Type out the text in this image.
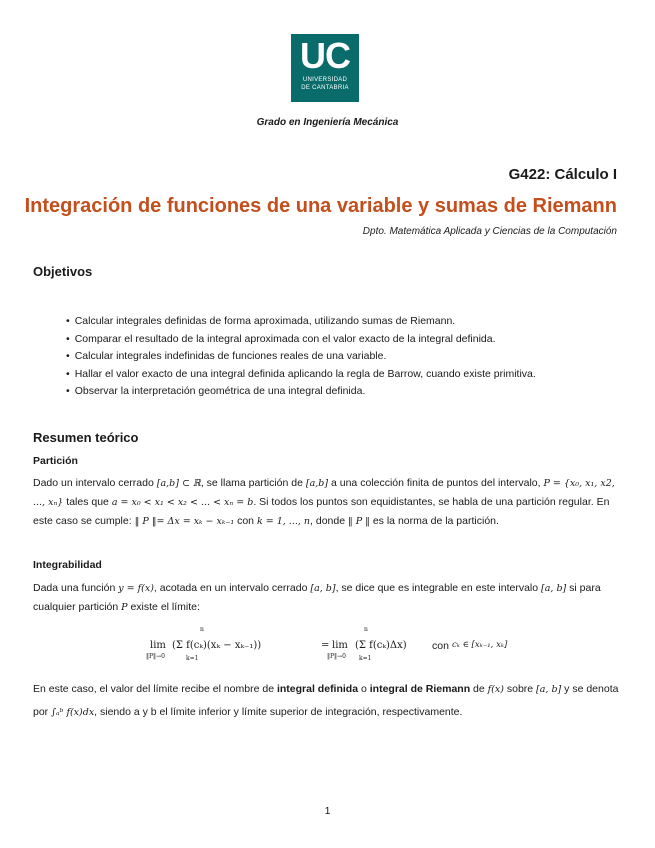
UC
UNIVERSIDAD
DE CANTABRIA
Grado en Ingeniería Mecánica
G422: Cálculo I
Integración de funciones de una variable y sumas de Riemann
Dpto. Matemática Aplicada y Ciencias de la Computación
Objetivos
• Calcular integrales definidas de forma aproximada, utilizando sumas de Riemann.
• Comparar el resultado de la integral aproximada con el valor exacto de la integral definida.
• Calcular integrales indefinidas de funciones reales de una variable.
• Hallar el valor exacto de una integral definida aplicando la regla de Barrow, cuando existe primitiva.
• Observar la interpretación geométrica de una integral definida.
Resumen teórico
Partición

Dado un intervalo cerrado [a,b] ⊂ ℝ, se llama partición de [a,b] a una colección finita de puntos del intervalo, P = {x₀, x₁, x2, ..., xₙ} tales que a = x₀ < x₁ < x₂ < ... < xₙ = b. Si todos los puntos son equidistantes, se habla de una partición regular. En este caso se cumple: ‖ P ‖= Δx = xₖ − xₖ₋₁ con k = 1, ..., n, donde ‖ P ‖ es la norma de la partición.

Integrabilidad

Dada una función y = f(x), acotada en un intervalo cerrado [a, b], se dice que es integrable en este intervalo [a, b] si para cualquier partición P existe el límite:

lim
‖P‖→0
n
(Σ f(cₖ)(xₖ − xₖ₋₁))
k=1
= lim
‖P‖→0
n
(Σ f(cₖ)Δx)
k=1
con cₖ ∈ [xₖ₋₁, xₖ]

En este caso, el valor del límite recibe el nombre de integral definida o integral de Riemann de f(x) sobre [a, b] y se denota por ∫ₐᵇ f(x)dx, siendo a y b el límite inferior y límite superior de integración, respectivamente.

1
